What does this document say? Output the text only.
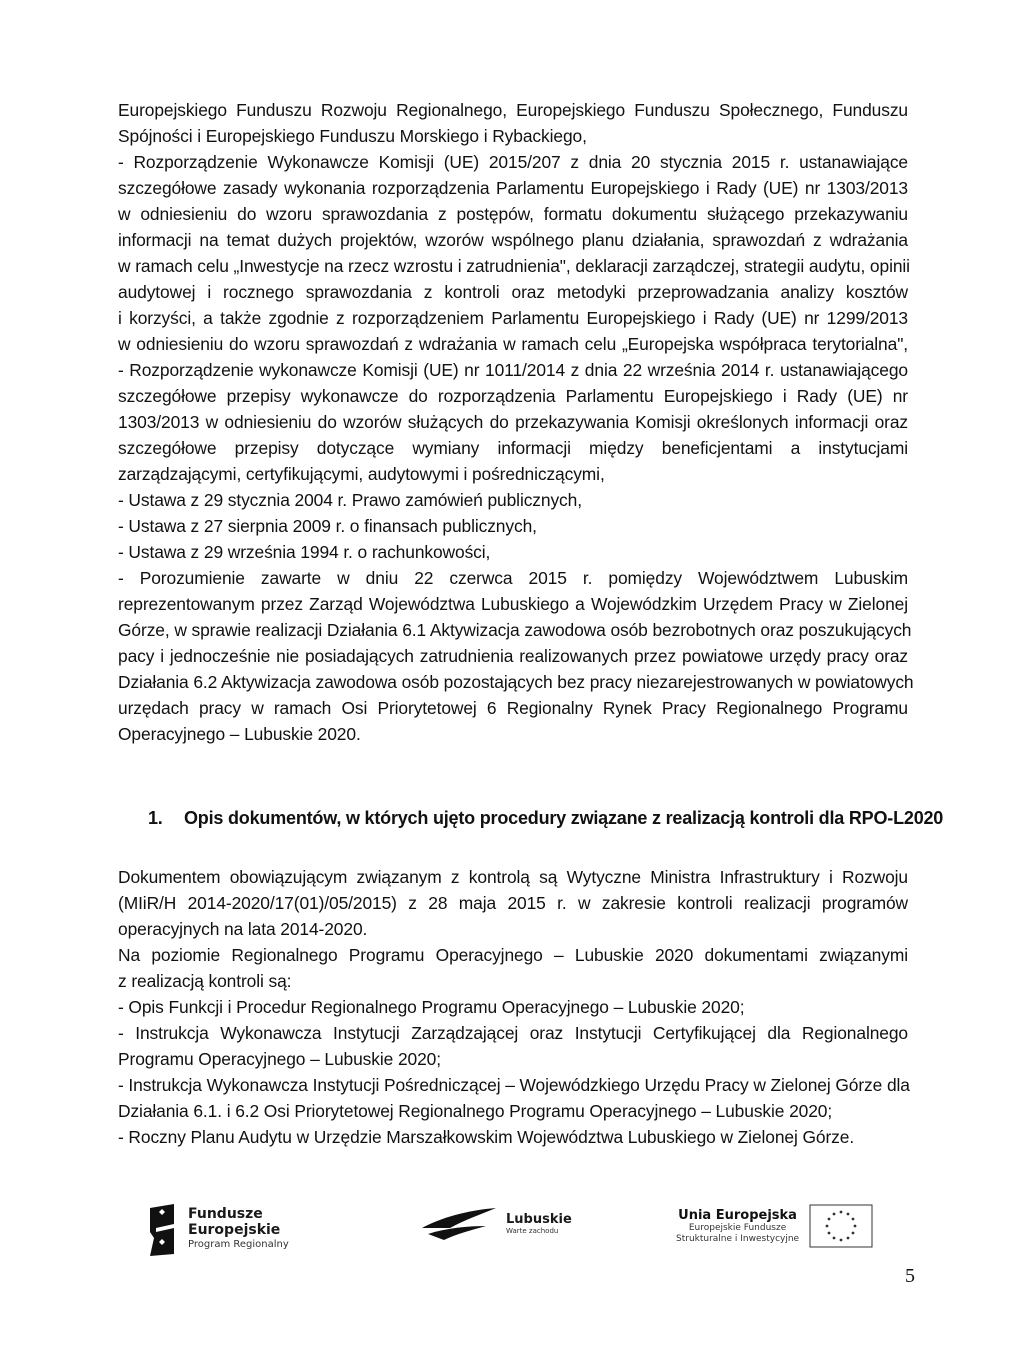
Europejskiego Funduszu Rozwoju Regionalnego, Europejskiego Funduszu Społecznego, Funduszu
Spójności i Europejskiego Funduszu Morskiego i Rybackiego,
- Rozporządzenie Wykonawcze Komisji (UE) 2015/207 z dnia 20 stycznia 2015 r. ustanawiające
szczegółowe zasady wykonania rozporządzenia Parlamentu Europejskiego i Rady (UE) nr 1303/2013
w odniesieniu do wzoru sprawozdania z postępów, formatu dokumentu służącego przekazywaniu
informacji na temat dużych projektów, wzorów wspólnego planu działania, sprawozdań z wdrażania
w ramach celu „Inwestycje na rzecz wzrostu i zatrudnienia", deklaracji zarządczej, strategii audytu, opinii
audytowej i rocznego sprawozdania z kontroli oraz metodyki przeprowadzania analizy kosztów
i korzyści, a także zgodnie z rozporządzeniem Parlamentu Europejskiego i Rady (UE) nr 1299/2013
w odniesieniu do wzoru sprawozdań z wdrażania w ramach celu „Europejska współpraca terytorialna",
- Rozporządzenie wykonawcze Komisji (UE) nr 1011/2014 z dnia 22 września 2014 r. ustanawiającego
szczegółowe przepisy wykonawcze do rozporządzenia Parlamentu Europejskiego i Rady (UE) nr
1303/2013 w odniesieniu do wzorów służących do przekazywania Komisji określonych informacji oraz
szczegółowe przepisy dotyczące wymiany informacji między beneficjentami a instytucjami
zarządzającymi, certyfikującymi, audytowymi i pośredniczącymi,
- Ustawa z 29 stycznia 2004 r. Prawo zamówień publicznych,
- Ustawa z 27 sierpnia 2009 r. o finansach publicznych,
- Ustawa z 29 września 1994 r. o rachunkowości,
- Porozumienie zawarte w dniu 22 czerwca 2015 r. pomiędzy Województwem Lubuskim
reprezentowanym przez Zarząd Województwa Lubuskiego a Wojewódzkim Urzędem Pracy w Zielonej
Górze, w sprawie realizacji Działania 6.1 Aktywizacja zawodowa osób bezrobotnych oraz poszukujących
pacy i jednocześnie nie posiadających zatrudnienia realizowanych przez powiatowe urzędy pracy oraz
Działania 6.2 Aktywizacja zawodowa osób pozostających bez pracy niezarejestrowanych w powiatowych
urzędach pracy w ramach Osi Priorytetowej 6 Regionalny Rynek Pracy Regionalnego Programu
Operacyjnego – Lubuskie 2020.
1. Opis dokumentów, w których ujęto procedury związane z realizacją kontroli dla RPO-L2020
Dokumentem obowiązującym związanym z kontrolą są Wytyczne Ministra Infrastruktury i Rozwoju
(MIiR/H 2014-2020/17(01)/05/2015) z 28 maja 2015 r. w zakresie kontroli realizacji programów
operacyjnych na lata 2014-2020.
Na poziomie Regionalnego Programu Operacyjnego – Lubuskie 2020 dokumentami związanymi
z realizacją kontroli są:
- Opis Funkcji i Procedur Regionalnego Programu Operacyjnego – Lubuskie 2020;
- Instrukcja Wykonawcza Instytucji Zarządzającej oraz Instytucji Certyfikującej dla Regionalnego
Programu Operacyjnego – Lubuskie 2020;
- Instrukcja Wykonawcza Instytucji Pośredniczącej – Wojewódzkiego Urzędu Pracy w Zielonej Górze dla
Działania 6.1. i 6.2 Osi Priorytetowej Regionalnego Programu Operacyjnego – Lubuskie 2020;
- Roczny Planu Audytu w Urzędzie Marszałkowskim Województwa Lubuskiego w Zielonej Górze.
Fundusze
Europejskie
Program Regionalny
Lubuskie
Warte zachodu
Unia Europejska
Europejskie Fundusze
Strukturalne i Inwestycyjne
5
